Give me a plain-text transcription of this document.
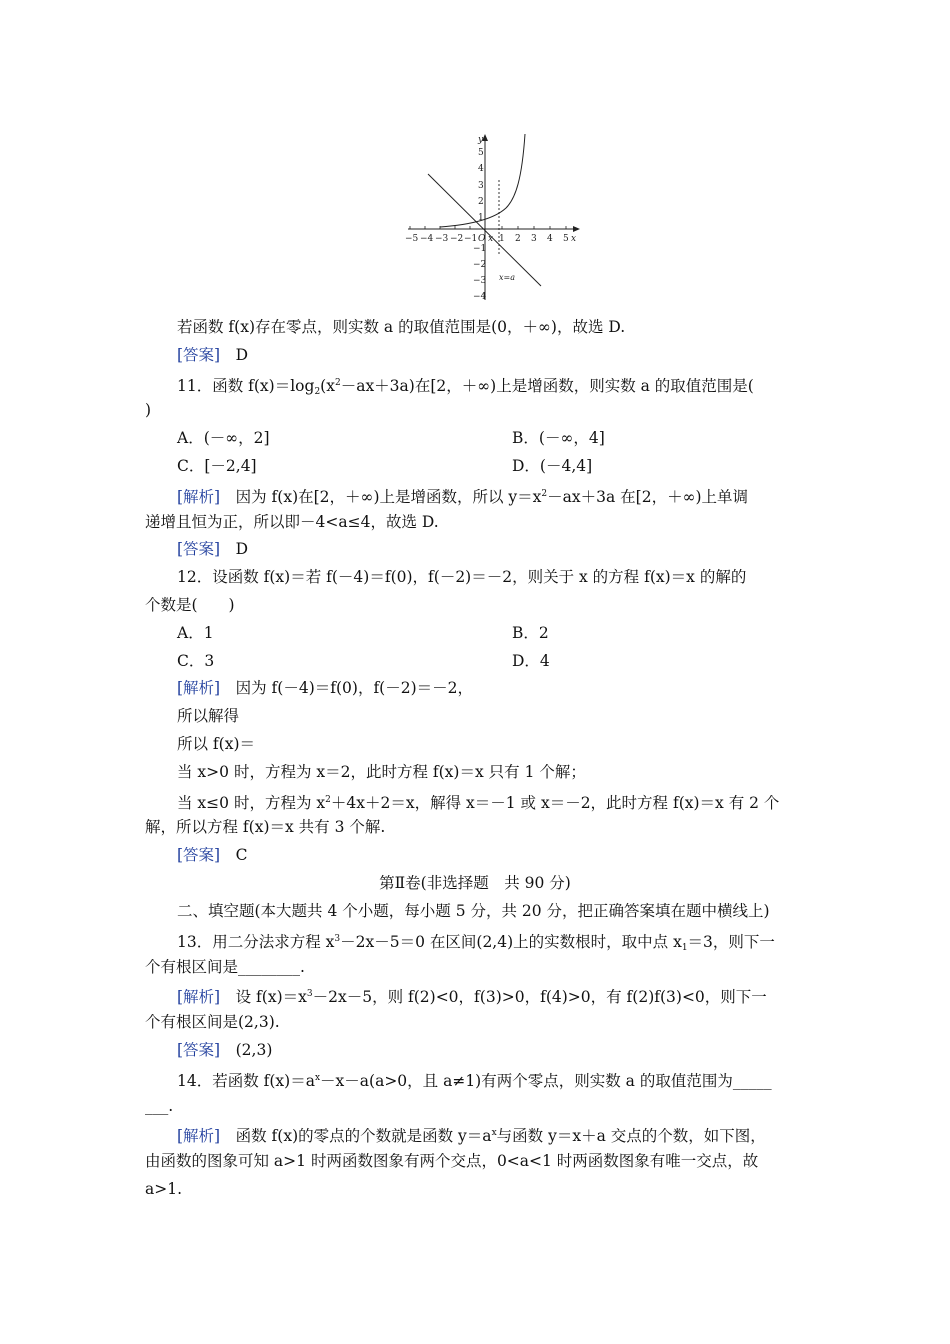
−5 −4 −3 −2 −1 O x 1 2 3 4 5 x
y
5
4
3
2
1
−1
−2
−3
−4
x=a
若函数 f(x)存在零点，则实数 a 的取值范围是(0，＋∞)，故选 D.
[答案]　 D
11．函数 $f(x)=\log_2(x^2-ax+3a)$在[2，＋∞)上是增函数，则实数 a 的取值范围是(
)
A．(－∞，2]	B．(－∞，4]
C．[－2,4]	D．(－4,4]
[解析]　 因为 f(x)在[2，＋∞)上是增函数，所以 $y=x^2-ax+3a$ 在[2，＋∞)上单调
递增且恒为正，所以即－4<a≤4，故选 D.
[答案]　 D
12．设函数 f(x)＝若 f(－4)＝f(0)，f(－2)＝－2，则关于 x 的方程 f(x)＝x 的解的
个数是(　　)
A．1	B．2
C．3	D．4
[解析]　 因为 f(－4)＝f(0)，f(－2)＝－2，
所以解得
所以 f(x)＝
当 x>0 时，方程为 x＝2，此时方程 f(x)＝x 只有 1 个解；
当 x≤0 时，方程为 $x^2+4x+2=x$，解得 x＝－1 或 x＝－2，此时方程 f(x)＝x 有 2 个
解，所以方程 f(x)＝x 共有 3 个解.
[答案]　 C
第Ⅱ卷(非选择题　共 90 分)
二、填空题(本大题共 4 个小题，每小题 5 分，共 20 分，把正确答案填在题中横线上)
13．用二分法求方程 $x^3-2x-5=0$ 在区间(2,4)上的实数根时，取中点 $x_1=3$，则下一
个有根区间是________.
[解析]　 设 $f(x)=x^3-2x-5$，则 f(2)<0，f(3)>0，f(4)>0，有 f(2)f(3)<0，则下一
个有根区间是(2,3).
[答案]　 (2,3)
14．若函数 $f(x)=a^x-x-a(a>0$，且 a≠1)有两个零点，则实数 a 的取值范围为_____
___.
[解析]　 函数 f(x)的零点的个数就是函数 $y=a^x$与函数 y＝x＋a 交点的个数，如下图，
由函数的图象可知 a>1 时两函数图象有两个交点，0<a<1 时两函数图象有唯一交点，故
a>1.
